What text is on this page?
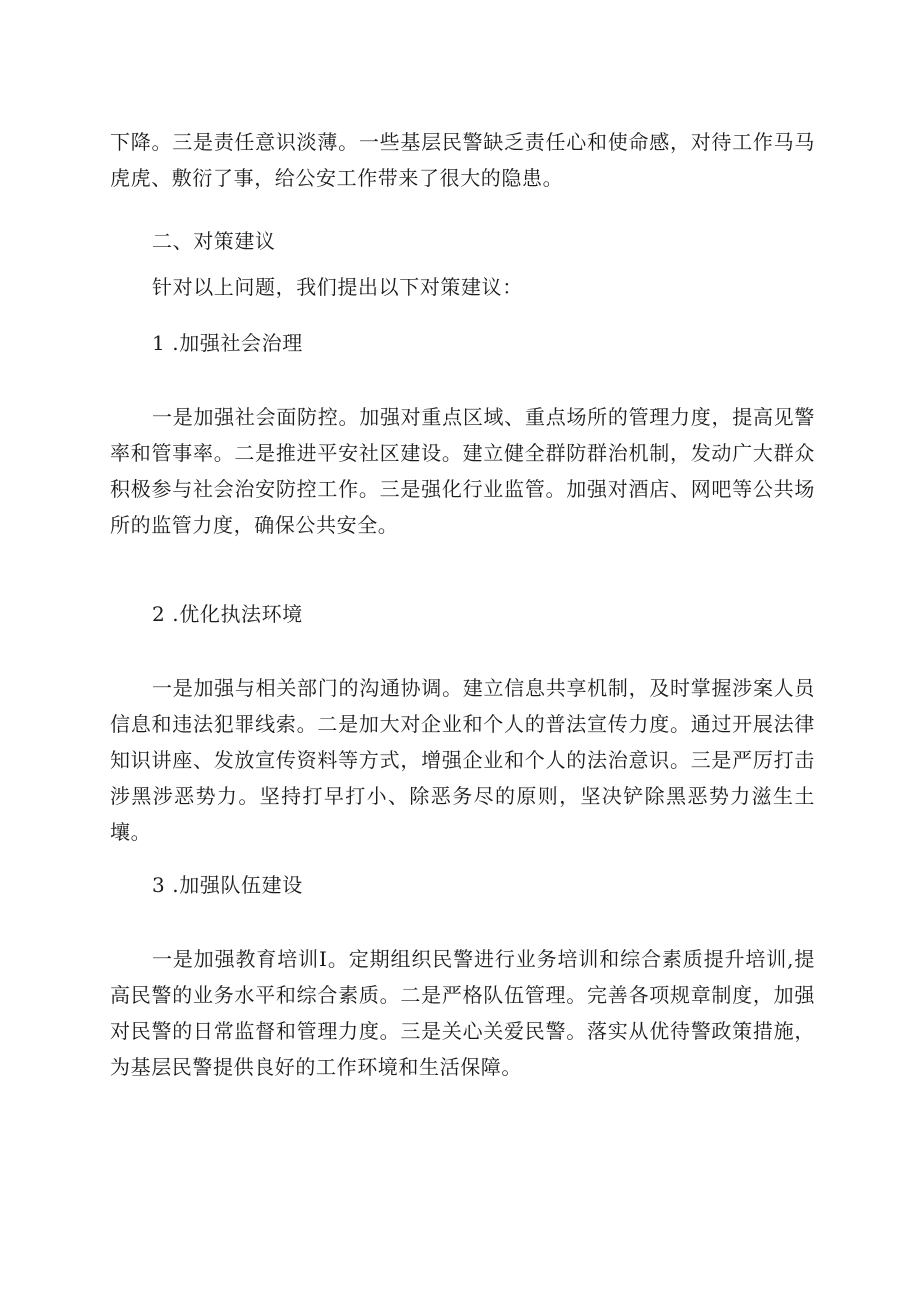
下降。三是责任意识淡薄。一些基层民警缺乏责任心和使命感，对待工作马马虎虎、敷衍了事，给公安工作带来了很大的隐患。

二、对策建议

针对以上问题，我们提出以下对策建议：

1 .加强社会治理

一是加强社会面防控。加强对重点区域、重点场所的管理力度，提高见警率和管事率。二是推进平安社区建设。建立健全群防群治机制，发动广大群众积极参与社会治安防控工作。三是强化行业监管。加强对酒店、网吧等公共场所的监管力度，确保公共安全。

2 .优化执法环境

一是加强与相关部门的沟通协调。建立信息共享机制，及时掌握涉案人员信息和违法犯罪线索。二是加大对企业和个人的普法宣传力度。通过开展法律知识讲座、发放宣传资料等方式，增强企业和个人的法治意识。三是严厉打击涉黑涉恶势力。坚持打早打小、除恶务尽的原则，坚决铲除黑恶势力滋生土壤。

3 .加强队伍建设

一是加强教育培训I。定期组织民警进行业务培训和综合素质提升培训,提高民警的业务水平和综合素质。二是严格队伍管理。完善各项规章制度，加强对民警的日常监督和管理力度。三是关心关爱民警。落实从优待警政策措施，为基层民警提供良好的工作环境和生活保障。
